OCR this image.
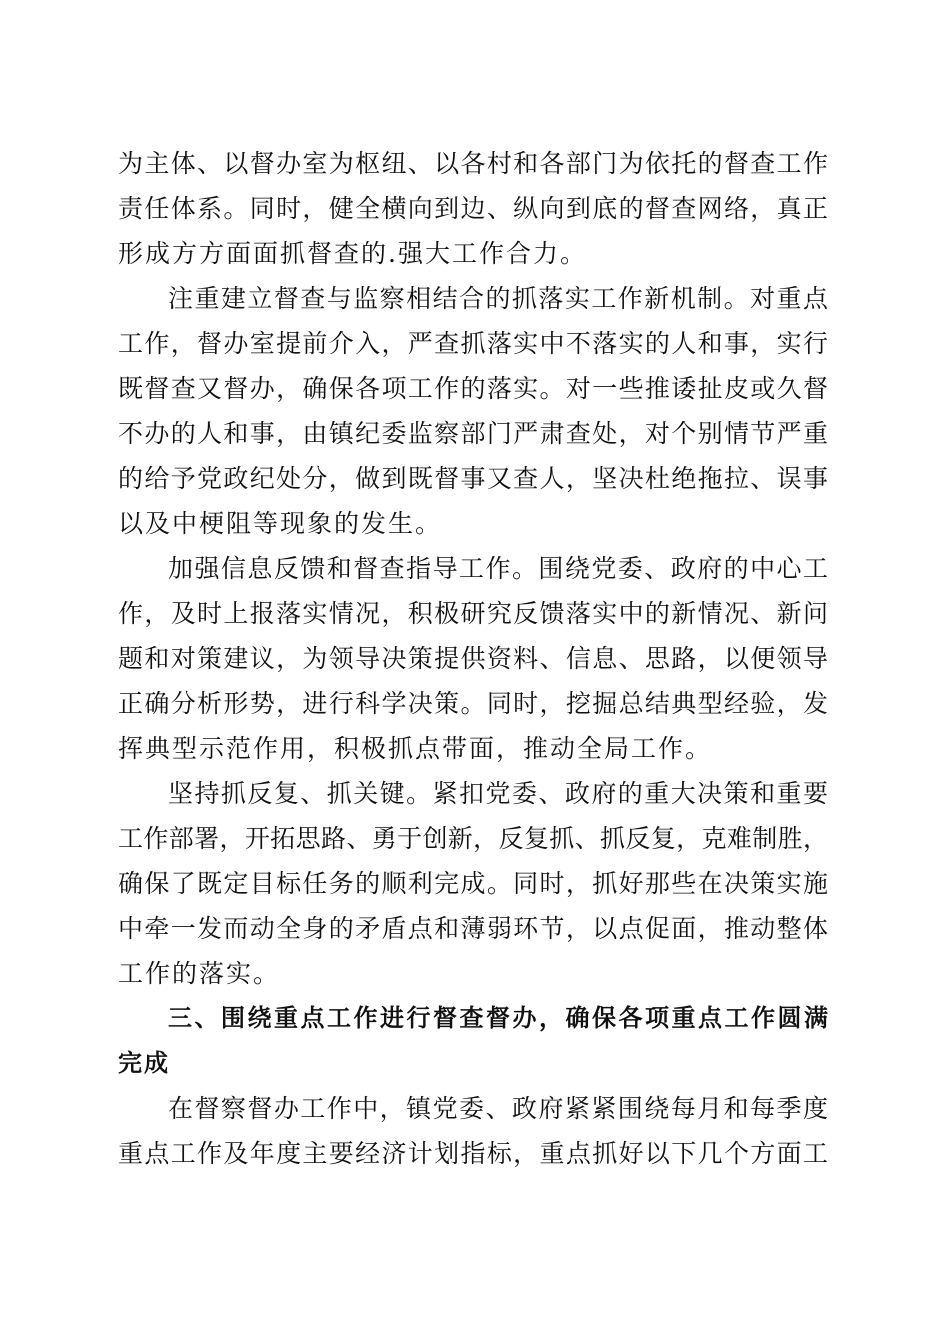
为主体、以督办室为枢纽、以各村和各部门为依托的督查工作
责任体系。同时，健全横向到边、纵向到底的督查网络，真正
形成方方面面抓督查的.强大工作合力。
注重建立督查与监察相结合的抓落实工作新机制。对重点
工作，督办室提前介入，严查抓落实中不落实的人和事，实行
既督查又督办，确保各项工作的落实。对一些推诿扯皮或久督
不办的人和事，由镇纪委监察部门严肃查处，对个别情节严重
的给予党政纪处分，做到既督事又查人，坚决杜绝拖拉、误事
以及中梗阻等现象的发生。
加强信息反馈和督查指导工作。围绕党委、政府的中心工
作，及时上报落实情况，积极研究反馈落实中的新情况、新问
题和对策建议，为领导决策提供资料、信息、思路，以便领导
正确分析形势，进行科学决策。同时，挖掘总结典型经验，发
挥典型示范作用，积极抓点带面，推动全局工作。
坚持抓反复、抓关键。紧扣党委、政府的重大决策和重要
工作部署，开拓思路、勇于创新，反复抓、抓反复，克难制胜，
确保了既定目标任务的顺利完成。同时，抓好那些在决策实施
中牵一发而动全身的矛盾点和薄弱环节，以点促面，推动整体
工作的落实。
三、围绕重点工作进行督查督办，确保各项重点工作圆满
完成
在督察督办工作中，镇党委、政府紧紧围绕每月和每季度
重点工作及年度主要经济计划指标，重点抓好以下几个方面工
